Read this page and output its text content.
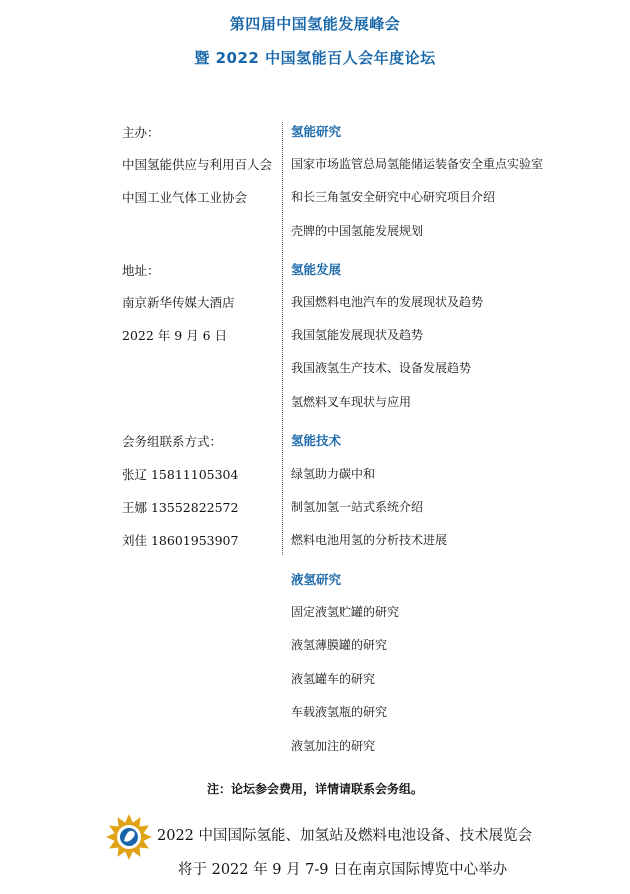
第四届中国氢能发展峰会
暨 2022 中国氢能百人会年度论坛
主办：
中国氢能供应与利用百人会
中国工业气体工业协会
地址：
南京新华传媒大酒店
2022 年 9 月 6 日
会务组联系方式：
张辽 15811105304
王娜 13552822572
刘佳 18601953907
氢能研究
国家市场监管总局氢能储运装备安全重点实验室
和长三角氢安全研究中心研究项目介绍
壳牌的中国氢能发展规划
氢能发展
我国燃料电池汽车的发展现状及趋势
我国氢能发展现状及趋势
我国液氢生产技术、设备发展趋势
氢燃料叉车现状与应用
氢能技术
绿氢助力碳中和
制氢加氢一站式系统介绍
燃料电池用氢的分析技术进展
液氢研究
固定液氢贮罐的研究
液氢薄膜罐的研究
液氢罐车的研究
车载液氢瓶的研究
液氢加注的研究
注：论坛参会费用，详情请联系会务组。
2022 中国国际氢能、加氢站及燃料电池设备、技术展览会
将于 2022 年 9 月 7-9 日在南京国际博览中心举办
